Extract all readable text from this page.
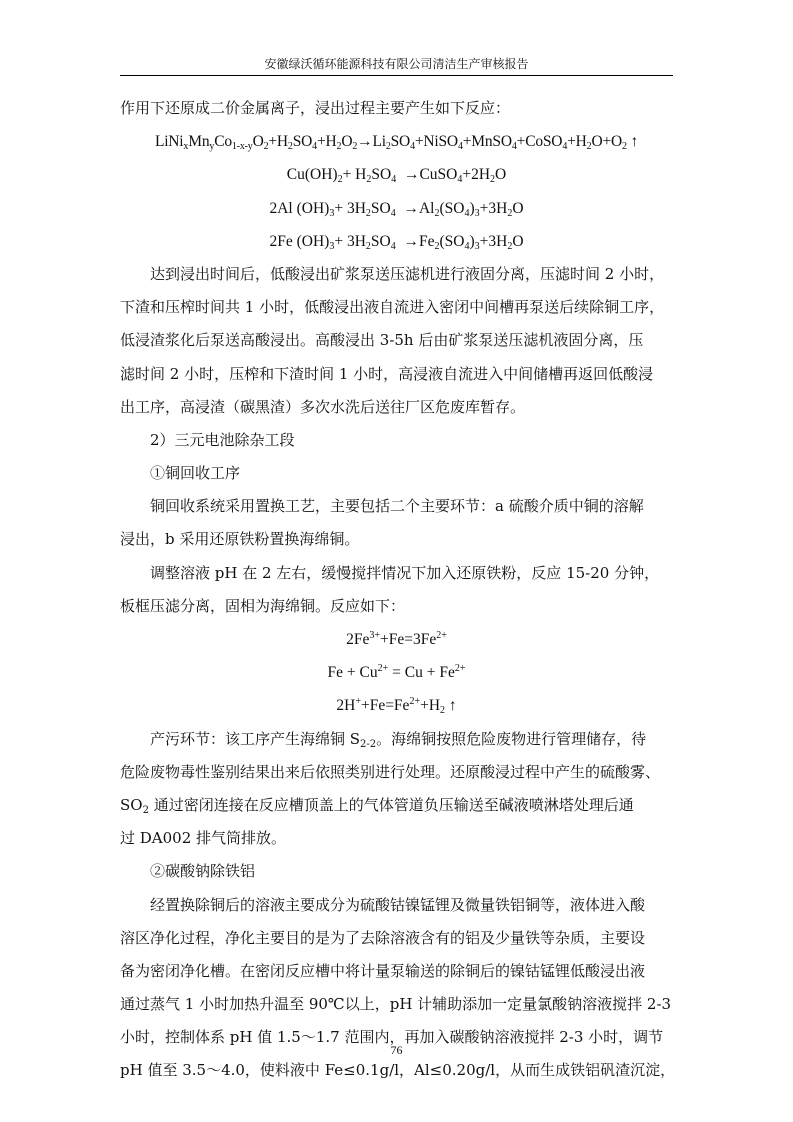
安徽绿沃循环能源科技有限公司清洁生产审核报告
作用下还原成二价金属离子，浸出过程主要产生如下反应：
$LiNi_xMn_yCo_{1-x-y}O_2+H_2SO_4+H_2O_2\to Li_2SO_4+NiSO_4+MnSO_4+CoSO_4+H_2O+O_2$ ↑
$Cu(OH)_2+ H_2SO_4$  $\to CuSO_4+2H_2O$
2Al $(OH)_3+ 3H_2SO_4 \to Al_2(SO_4)_3+3H_2O$
2Fe $(OH)_3+ 3H_2SO_4 \to Fe_2(SO_4)_3+3H_2O$
达到浸出时间后，低酸浸出矿浆泵送压滤机进行液固分离，压滤时间 2 小时，
下渣和压榨时间共 1 小时，低酸浸出液自流进入密闭中间槽再泵送后续除铜工序，
低浸渣浆化后泵送高酸浸出。高酸浸出 3-5h 后由矿浆泵送压滤机液固分离，压
滤时间 2 小时，压榨和下渣时间 1 小时，高浸液自流进入中间储槽再返回低酸浸
出工序，高浸渣（碳黑渣）多次水洗后送往厂区危废库暂存。
2）三元电池除杂工段
①铜回收工序
铜回收系统采用置换工艺，主要包括二个主要环节：a 硫酸介质中铜的溶解
浸出，b 采用还原铁粉置换海绵铜。
调整溶液 pH 在 2 左右，缓慢搅拌情况下加入还原铁粉，反应 15-20 分钟，
板框压滤分离，固相为海绵铜。反应如下：
$2Fe^{3+}+Fe=3Fe^{2+}$
$Fe + Cu^{2+} = Cu + Fe^{2+}$
$2H^++Fe=Fe^{2+}+H_2$ ↑
产污环节：该工序产生海绵铜 $S_{2-2}$。海绵铜按照危险废物进行管理储存，待
危险废物毒性鉴别结果出来后依照类别进行处理。还原酸浸过程中产生的硫酸雾、
$SO_2$ 通过密闭连接在反应槽顶盖上的气体管道负压输送至碱液喷淋塔处理后通
过 DA002 排气筒排放。
②碳酸钠除铁铝
经置换除铜后的溶液主要成分为硫酸钴镍锰锂及微量铁铝铜等，液体进入酸
溶区净化过程，净化主要目的是为了去除溶液含有的铝及少量铁等杂质，主要设
备为密闭净化槽。在密闭反应槽中将计量泵输送的除铜后的镍钴锰锂低酸浸出液
通过蒸气 1 小时加热升温至 90℃以上，pH 计辅助添加一定量氯酸钠溶液搅拌 2-3
小时，控制体系 pH 值 1.5～1.7 范围内，再加入碳酸钠溶液搅拌 2-3 小时，调节
pH 值至 3.5～4.0，使料液中 Fe≤0.1g/l，Al≤0.20g/l，从而生成铁铝矾渣沉淀，
76
